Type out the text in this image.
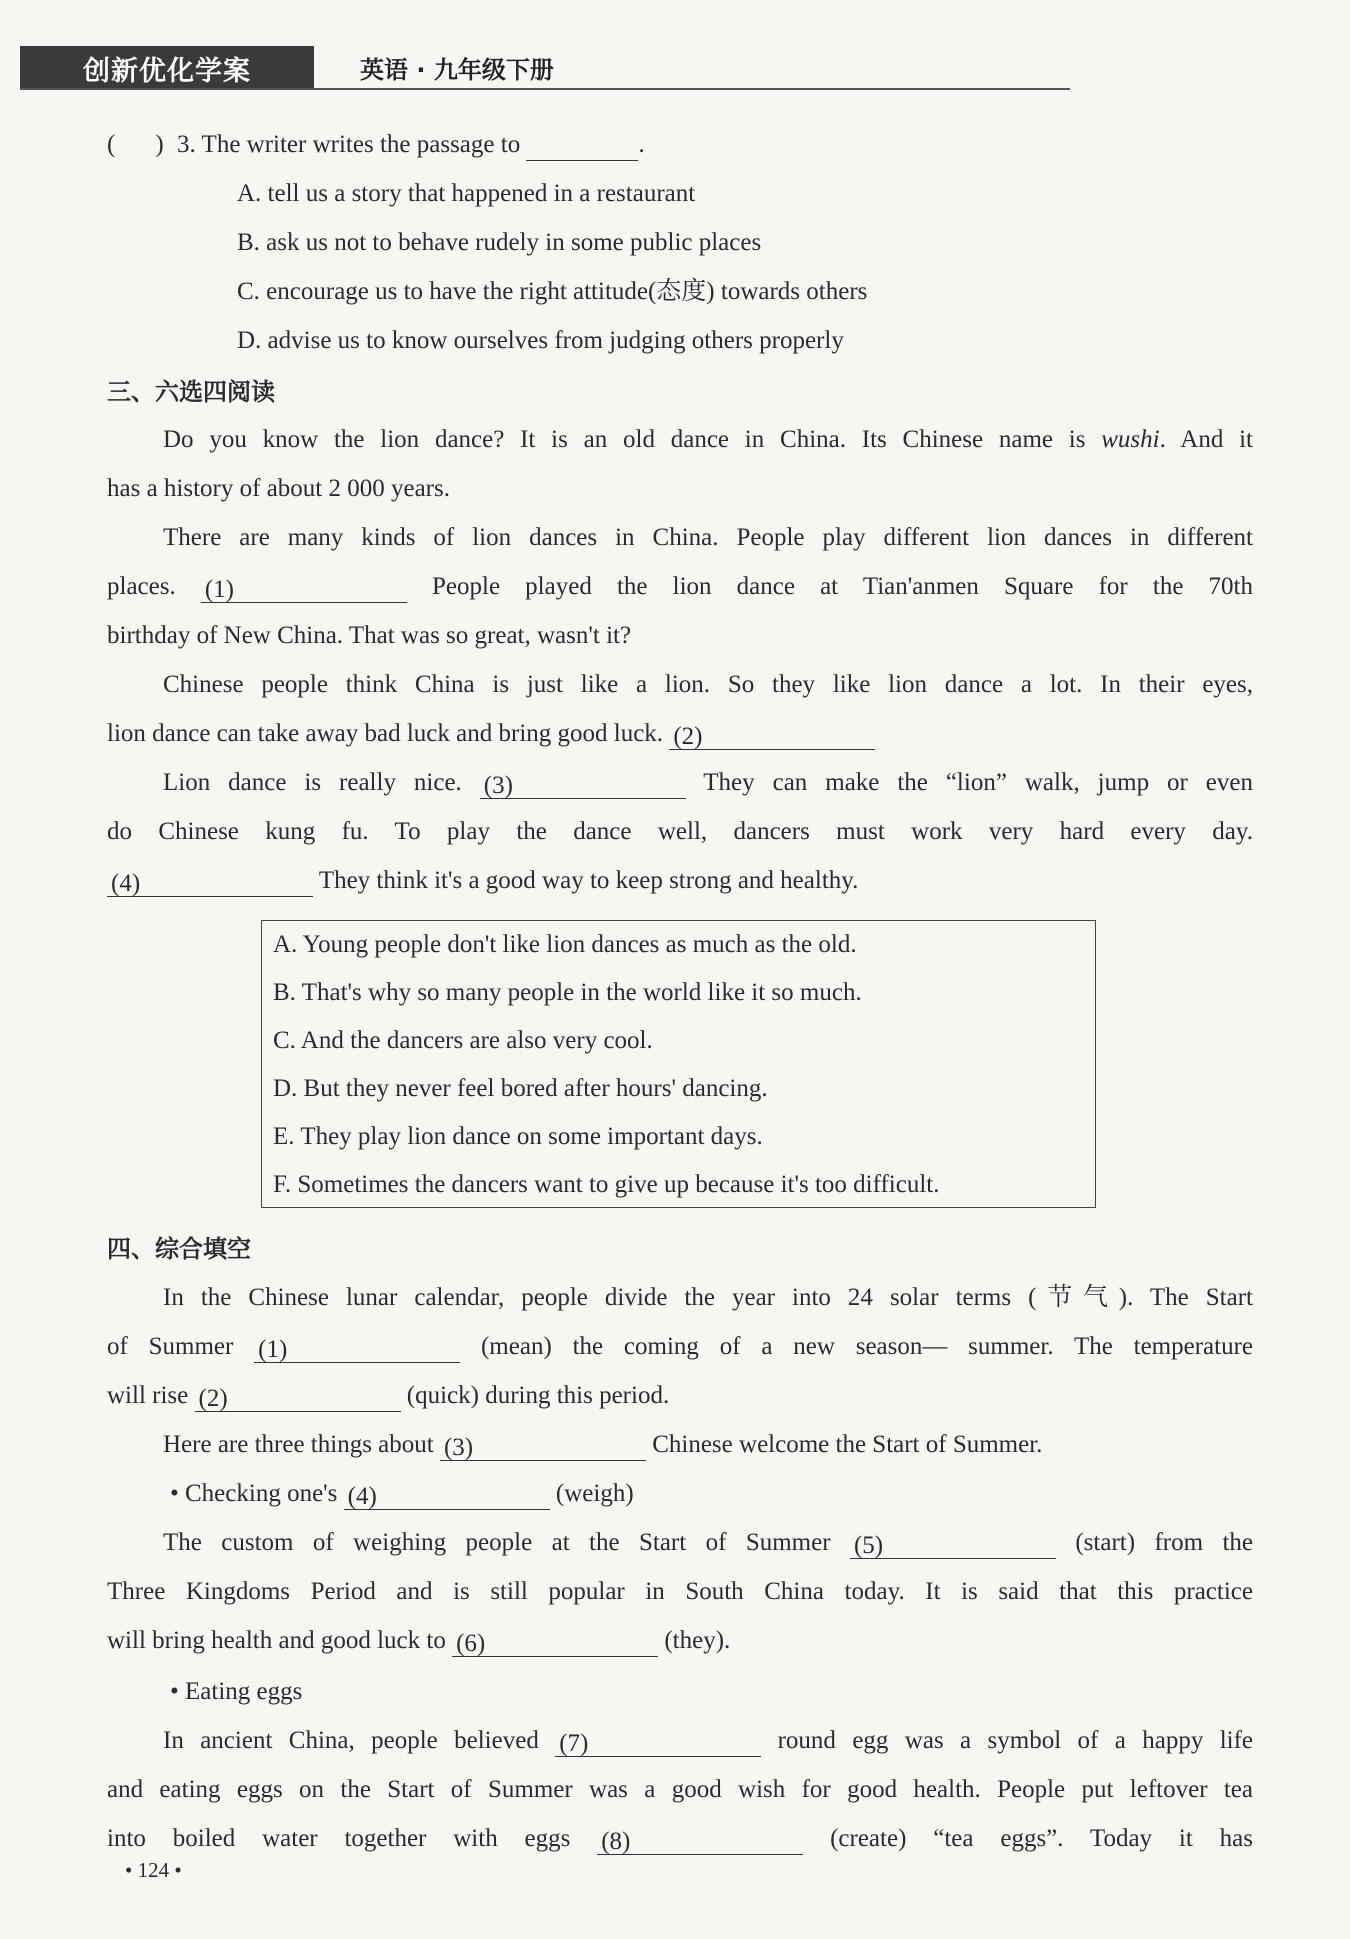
创新优化学案	英语 · 九年级下册
( ) 3. The writer writes the passage to	.
A. tell us a story that happened in a restaurant
B. ask us not to behave rudely in some public places
C. encourage us to have the right attitude(态度) towards others
D. advise us to know ourselves from judging others properly
三、六选四阅读
Do you know the lion dance? It is an old dance in China. Its Chinese name is wushi. And it
has a history of about 2 000 years.
There are many kinds of lion dances in China. People play different lion dances in different
places. (1)	People played the lion dance at Tian'anmen Square for the 70th
birthday of New China. That was so great, wasn't it?
Chinese people think China is just like a lion. So they like lion dance a lot. In their eyes,
lion dance can take away bad luck and bring good luck. (2)
Lion dance is really nice. (3)	They can make the “lion” walk, jump or even
do Chinese kung fu. To play the dance well, dancers must work very hard every day.
(4)	They think it's a good way to keep strong and healthy.
A. Young people don't like lion dances as much as the old.
B. That's why so many people in the world like it so much.
C. And the dancers are also very cool.
D. But they never feel bored after hours' dancing.
E. They play lion dance on some important days.
F. Sometimes the dancers want to give up because it's too difficult.
四、综合填空
In the Chinese lunar calendar, people divide the year into 24 solar terms (节气). The Start
of Summer (1)	(mean) the coming of a new season— summer. The temperature
will rise (2)	(quick) during this period.
Here are three things about (3)	Chinese welcome the Start of Summer.
• Checking one's (4)	(weigh)
The custom of weighing people at the Start of Summer (5)	(start) from the
Three Kingdoms Period and is still popular in South China today. It is said that this practice
will bring health and good luck to (6)	(they).
• Eating eggs
In ancient China, people believed (7)	round egg was a symbol of a happy life
and eating eggs on the Start of Summer was a good wish for good health. People put leftover tea
into boiled water together with eggs (8)	(create) “tea eggs”. Today it has
• 124 •
